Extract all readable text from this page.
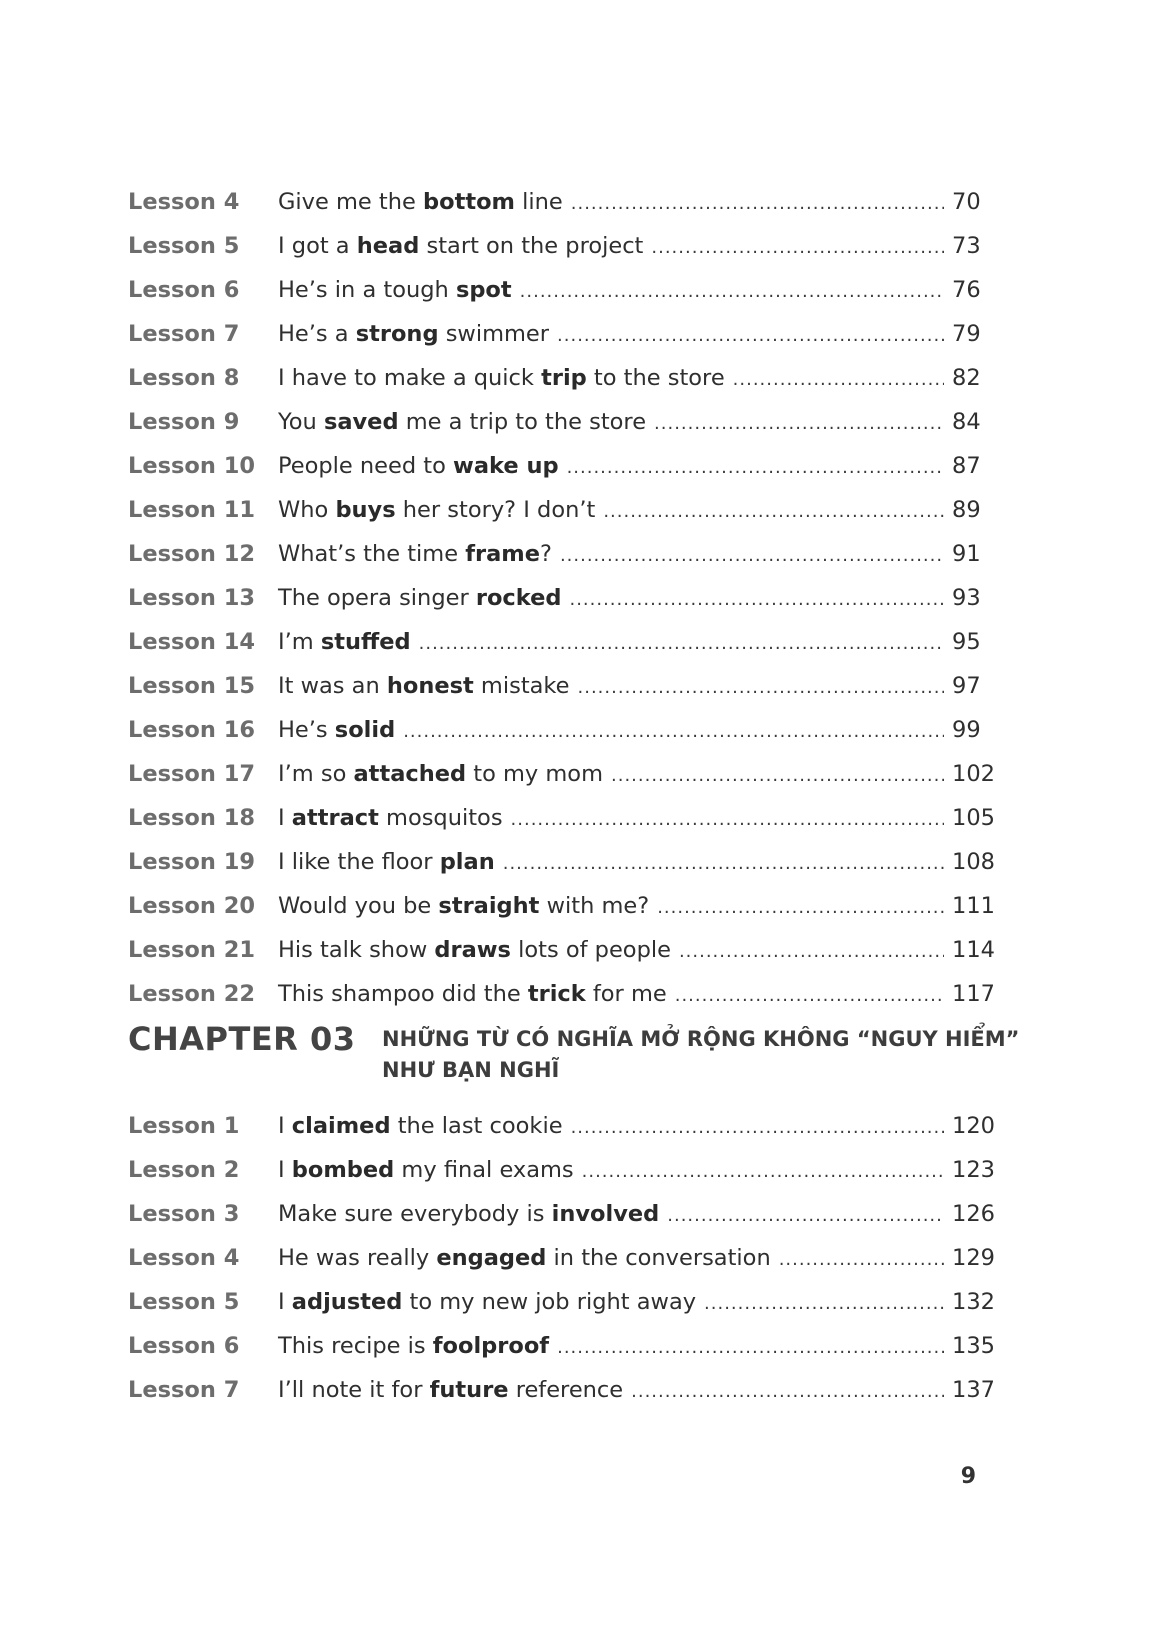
Lesson 4	Give me the bottom line .....	70
Lesson 5	I got a head start on the project .....	73
Lesson 6	He’s in a tough spot .....	76
Lesson 7	He’s a strong swimmer .....	79
Lesson 8	I have to make a quick trip to the store .....	82
Lesson 9	You saved me a trip to the store .....	84
Lesson 10	People need to wake up .....	87
Lesson 11	Who buys her story? I don’t .....	89
Lesson 12	What’s the time frame? .....	91
Lesson 13	The opera singer rocked .....	93
Lesson 14	I’m stuffed .....	95
Lesson 15	It was an honest mistake .....	97
Lesson 16	He’s solid .....	99
Lesson 17	I’m so attached to my mom .....	102
Lesson 18	I attract mosquitos .....	105
Lesson 19	I like the floor plan .....	108
Lesson 20	Would you be straight with me? .....	111
Lesson 21	His talk show draws lots of people .....	114
Lesson 22	This shampoo did the trick for me .....	117
CHAPTER 03	NHỮNG TỪ CÓ NGHĨA MỞ RỘNG KHÔNG “NGUY HIỂM”
NHƯ BẠN NGHĨ
Lesson 1	I claimed the last cookie .....	120
Lesson 2	I bombed my final exams .....	123
Lesson 3	Make sure everybody is involved .....	126
Lesson 4	He was really engaged in the conversation .....	129
Lesson 5	I adjusted to my new job right away .....	132
Lesson 6	This recipe is foolproof .....	135
Lesson 7	I’ll note it for future reference .....	137
9
